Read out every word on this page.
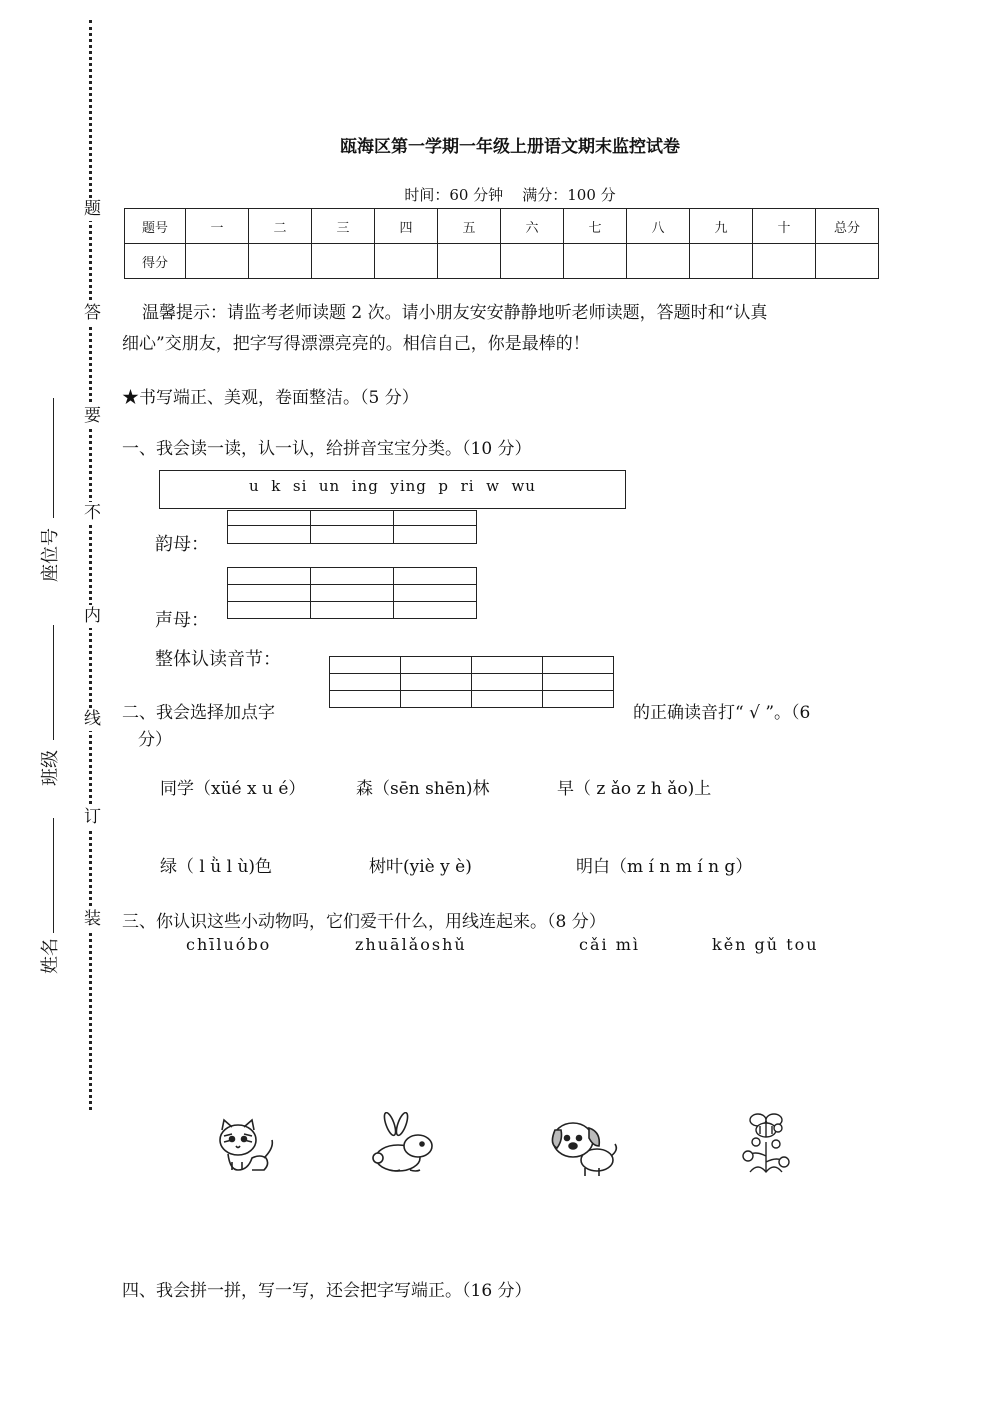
题
答
要
不
内
线
订
装
座位号
班级
姓名
瓯海区第一学期一年级上册语文期末监控试卷
时间：60 分钟    满分：100 分
题号	一	二	三	四	五	六	七	八	九	十	总分
得分											
温馨提示：请监考老师读题 2 次。请小朋友安安静静地听老师读题，答题时和“认真
细心”交朋友，把字写得漂漂亮亮的。相信自己，你是最棒的！
★书写端正、美观，卷面整洁。（5 分）
一、我会读一读，认一认，给拼音宝宝分类。（10 分）
u  k  si  un  ing  ying  p  ri  w  wu

韵母：

声母：
整体认读音节：

二、我会选择加点字	的正确读音打“ √ ”。（6
分）
同学（xüé x u é）	森（sēn shēn)林	早（ z ǎo z h ǎo)上
绿（ l ǜ l ù)色	树叶(yiè y è)	明白（m í n m í n g）
三、你认识这些小动物吗，它们爱干什么，用线连起来。（8 分）
chīluóbo	zhuālǎoshǔ	cǎi mì	kěn gǔ tou
四、我会拼一拼，写一写，还会把字写端正。（16 分）
